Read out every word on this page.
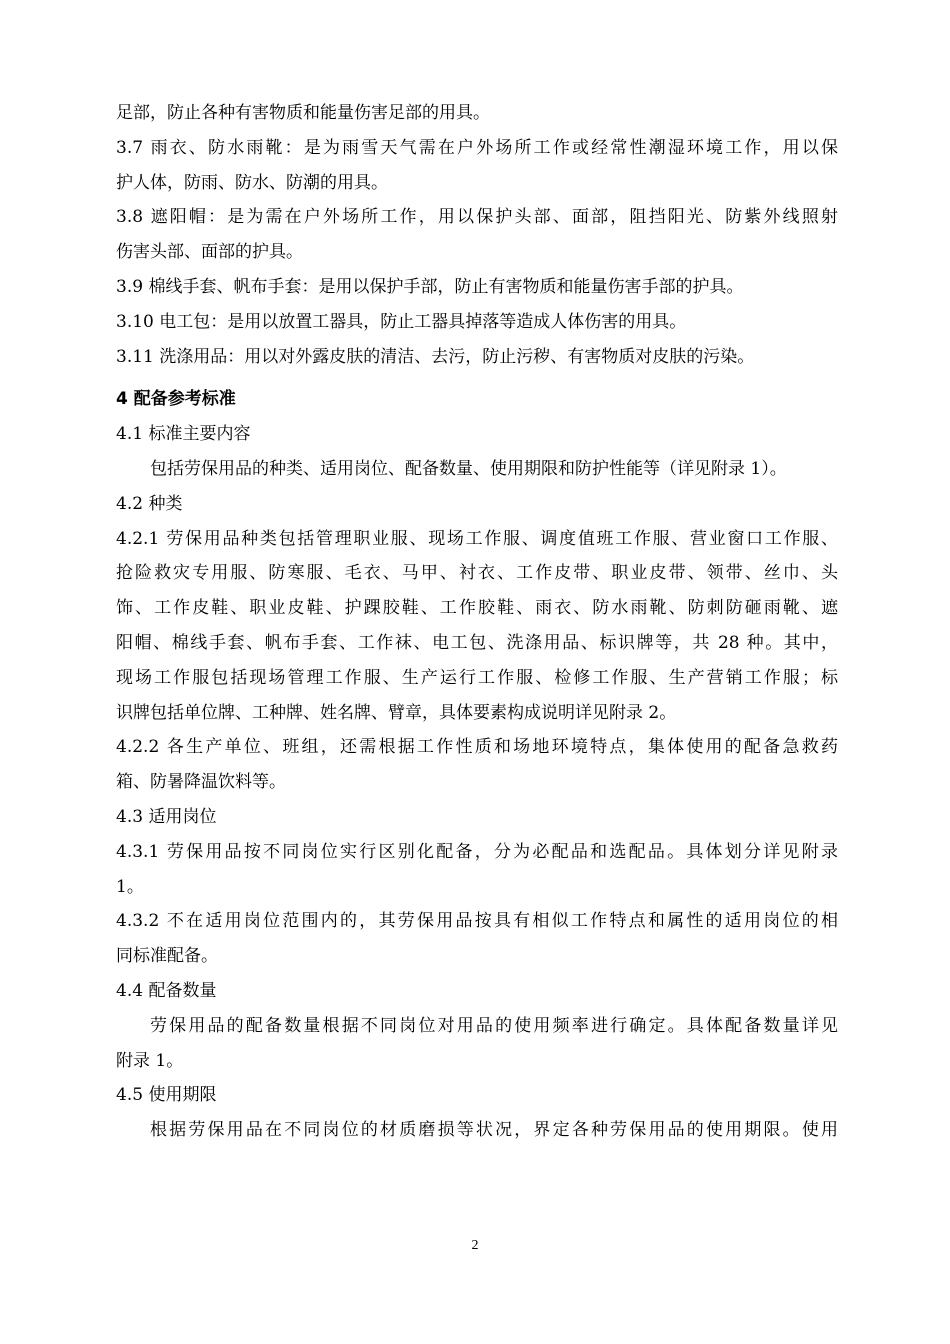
足部，防止各种有害物质和能量伤害足部的用具。
3.7 雨衣、防水雨靴：是为雨雪天气需在户外场所工作或经常性潮湿环境工作，用以保
护人体，防雨、防水、防潮的用具。
3.8 遮阳帽：是为需在户外场所工作，用以保护头部、面部，阻挡阳光、防紫外线照射
伤害头部、面部的护具。
3.9 棉线手套、帆布手套：是用以保护手部，防止有害物质和能量伤害手部的护具。
3.10 电工包：是用以放置工器具，防止工器具掉落等造成人体伤害的用具。
3.11 洗涤用品：用以对外露皮肤的清洁、去污，防止污秽、有害物质对皮肤的污染。
4 配备参考标准
4.1 标准主要内容
包括劳保用品的种类、适用岗位、配备数量、使用期限和防护性能等（详见附录 1）。
4.2 种类
4.2.1 劳保用品种类包括管理职业服、现场工作服、调度值班工作服、营业窗口工作服、
抢险救灾专用服、防寒服、毛衣、马甲、衬衣、工作皮带、职业皮带、领带、丝巾、头
饰、工作皮鞋、职业皮鞋、护踝胶鞋、工作胶鞋、雨衣、防水雨靴、防刺防砸雨靴、遮
阳帽、棉线手套、帆布手套、工作袜、电工包、洗涤用品、标识牌等，共 28 种。其中，
现场工作服包括现场管理工作服、生产运行工作服、检修工作服、生产营销工作服；标
识牌包括单位牌、工种牌、姓名牌、臂章，具体要素构成说明详见附录 2。
4.2.2 各生产单位、班组，还需根据工作性质和场地环境特点，集体使用的配备急救药
箱、防暑降温饮料等。
4.3 适用岗位
4.3.1 劳保用品按不同岗位实行区别化配备，分为必配品和选配品。具体划分详见附录
1。
4.3.2 不在适用岗位范围内的，其劳保用品按具有相似工作特点和属性的适用岗位的相
同标准配备。
4.4 配备数量
劳保用品的配备数量根据不同岗位对用品的使用频率进行确定。具体配备数量详见
附录 1。
4.5 使用期限
根据劳保用品在不同岗位的材质磨损等状况，界定各种劳保用品的使用期限。使用
2
